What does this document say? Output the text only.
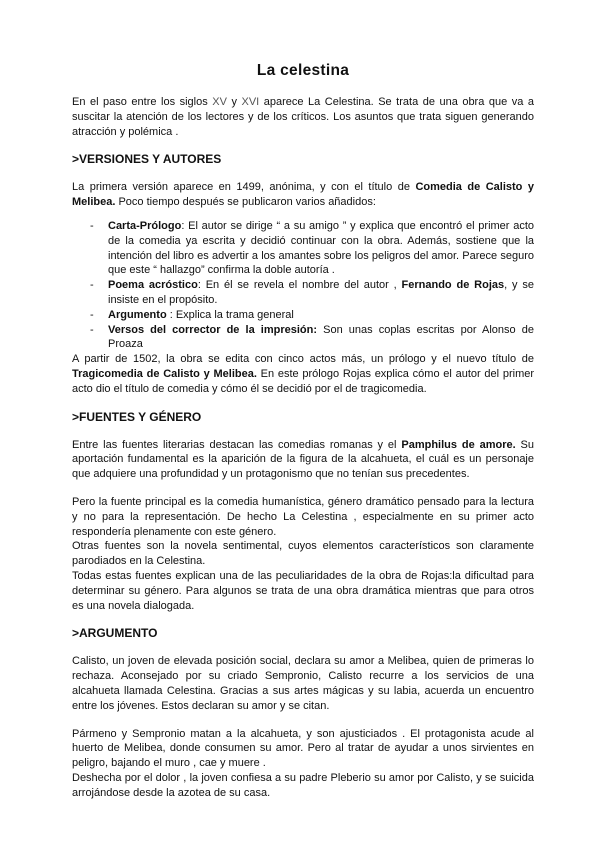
La celestina

En el paso entre los siglos XV y XVI aparece La Celestina. Se trata de una obra que va a suscitar la atención de los lectores y de los críticos. Los asuntos que trata siguen generando atracción y polémica .

>VERSIONES Y AUTORES

La primera versión aparece en 1499, anónima, y con el título de Comedia de Calisto y Melibea. Poco tiempo después se publicaron varios añadidos:

- Carta-Prólogo: El autor se dirige “ a su amigo ” y explica que encontró el primer acto de la comedia ya escrita y decidió continuar con la obra. Además, sostiene que la intención del libro es advertir a los amantes sobre los peligros del amor. Parece seguro que este “ hallazgo” confirma la doble autoría .
- Poema acróstico: En él se revela el nombre del autor , Fernando de Rojas, y se insiste en el propósito.
- Argumento : Explica la trama general
- Versos del corrector de la impresión: Son unas coplas escritas por Alonso de Proaza

A partir de 1502, la obra se edita con cinco actos más, un prólogo y el nuevo título de Tragicomedia de Calisto y Melibea. En este prólogo Rojas explica cómo el autor del primer acto dio el título de comedia y cómo él se decidió por el de tragicomedia.

>FUENTES Y GÉNERO

Entre las fuentes literarias destacan las comedias romanas y el Pamphilus de amore. Su aportación fundamental es la aparición de la figura de la alcahueta, el cuál es un personaje que adquiere una profundidad y un protagonismo que no tenían sus precedentes.

Pero la fuente principal es la comedia humanística, género dramático pensado para la lectura y no para la representación. De hecho La Celestina , especialmente en su primer acto respondería plenamente con este género.

Otras fuentes son la novela sentimental, cuyos elementos característicos son claramente parodiados en la Celestina.

Todas estas fuentes explican una de las peculiaridades de la obra de Rojas:la dificultad para determinar su género. Para algunos se trata de una obra dramática mientras que para otros es una novela dialogada.

>ARGUMENTO

Calisto, un joven de elevada posición social, declara su amor a Melibea, quien de primeras lo rechaza. Aconsejado por su criado Sempronio, Calisto recurre a los servicios de una alcahueta llamada Celestina. Gracias a sus artes mágicas y su labia, acuerda un encuentro entre los jóvenes. Estos declaran su amor y se citan.

Pármeno y Sempronio matan a la alcahueta, y son ajusticiados . El protagonista acude al huerto de Melibea, donde consumen su amor. Pero al tratar de ayudar a unos sirvientes en peligro, bajando el muro , cae y muere .

Deshecha por el dolor , la joven confiesa a su padre Pleberio su amor por Calisto, y se suicida arrojándose desde la azotea de su casa.
